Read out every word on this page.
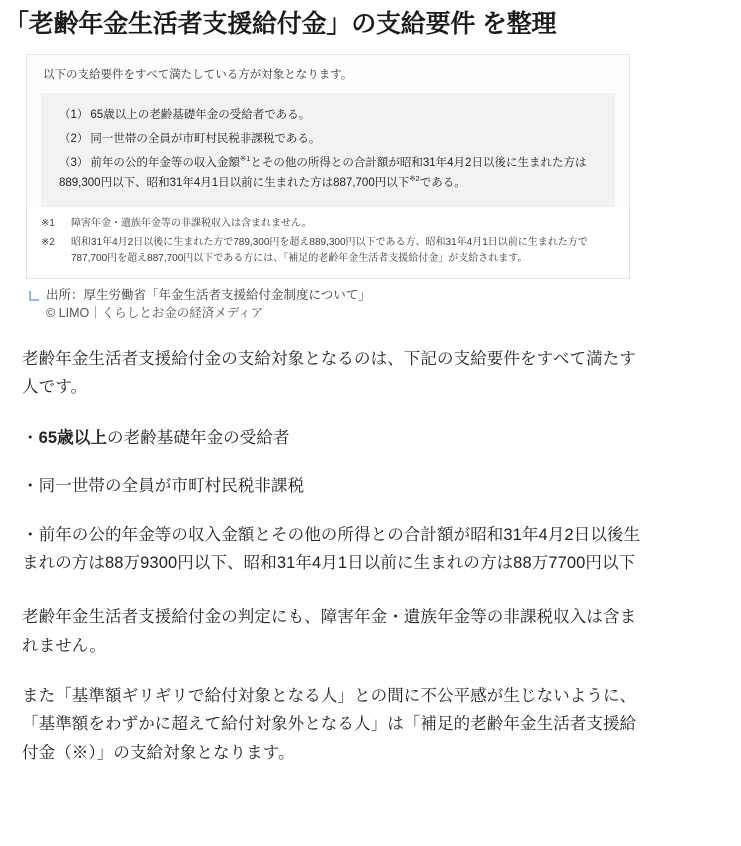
「老齢年金生活者支援給付金」の支給要件 を整理

以下の支給要件をすべて満たしている方が対象となります。

（1） 65歳以上の老齢基礎年金の受給者である。

（2） 同一世帯の全員が市町村民税非課税である。

（3） 前年の公的年金等の収入金額$^{※1}$とその他の所得との合計額が昭和31年4月2日以後に生まれた方は889,300円以下、昭和31年4月1日以前に生まれた方は887,700円以下$^{※2}$である。

※1	障害年金・遺族年金等の非課税収入は含まれません。
※2	昭和31年4月2日以後に生まれた方で789,300円を超え889,300円以下である方、昭和31年4月1日以前に生まれた方で787,700円を超え887,700円以下である方には、「補足的老齢年金生活者支援給付金」が支給されます。
出所：厚生労働省「年金生活者支援給付金制度について」
© LIMO｜くらしとお金の経済メディア

老齢年金生活者支援給付金の支給対象となるのは、下記の支給要件をすべて満たす人です。

・65歳以上の老齢基礎年金の受給者

・同一世帯の全員が市町村民税非課税

・前年の公的年金等の収入金額とその他の所得との合計額が昭和31年4月2日以後生まれの方は88万9300円以下、昭和31年4月1日以前に生まれの方は88万7700円以下

老齢年金生活者支援給付金の判定にも、障害年金・遺族年金等の非課税収入は含まれません。

また「基準額ギリギリで給付対象となる人」との間に不公平感が生じないように、「基準額をわずかに超えて給付対象外となる人」は「補足的老齢年金生活者支援給付金（※）」の支給対象となります。
